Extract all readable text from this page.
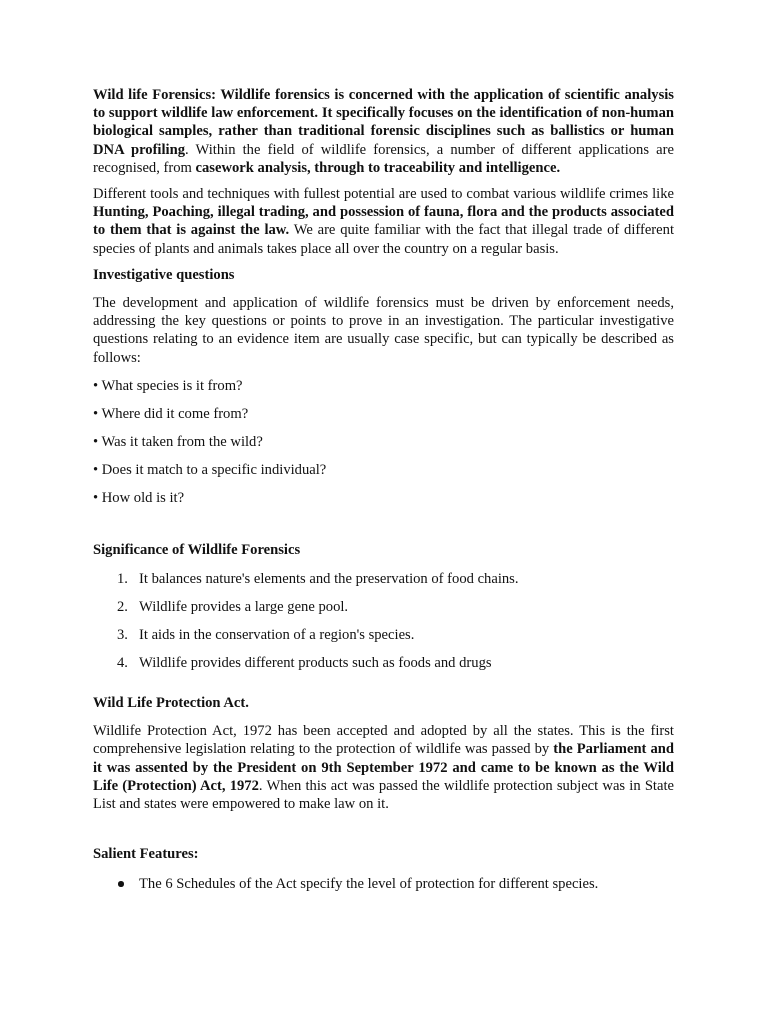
Wild life Forensics: Wildlife forensics is concerned with the application of scientific analysis to support wildlife law enforcement. It specifically focuses on the identification of non-human biological samples, rather than traditional forensic disciplines such as ballistics or human DNA profiling. Within the field of wildlife forensics, a number of different applications are recognised, from casework analysis, through to traceability and intelligence.

Different tools and techniques with fullest potential are used to combat various wildlife crimes like Hunting, Poaching, illegal trading, and possession of fauna, flora and the products associated to them that is against the law. We are quite familiar with the fact that illegal trade of different species of plants and animals takes place all over the country on a regular basis.

Investigative questions

The development and application of wildlife forensics must be driven by enforcement needs, addressing the key questions or points to prove in an investigation. The particular investigative questions relating to an evidence item are usually case specific, but can typically be described as follows:

• What species is it from?

• Where did it come from?

• Was it taken from the wild?

• Does it match to a specific individual?

• How old is it?

Significance of Wildlife Forensics

1. It balances nature's elements and the preservation of food chains.
2. Wildlife provides a large gene pool.
3. It aids in the conservation of a region's species.
4. Wildlife provides different products such as foods and drugs

Wild Life Protection Act.

Wildlife Protection Act, 1972 has been accepted and adopted by all the states. This is the first comprehensive legislation relating to the protection of wildlife was passed by the Parliament and it was assented by the President on 9th September 1972 and came to be known as the Wild Life (Protection) Act, 1972. When this act was passed the wildlife protection subject was in State List and states were empowered to make law on it.

Salient Features:

The 6 Schedules of the Act specify the level of protection for different species.
